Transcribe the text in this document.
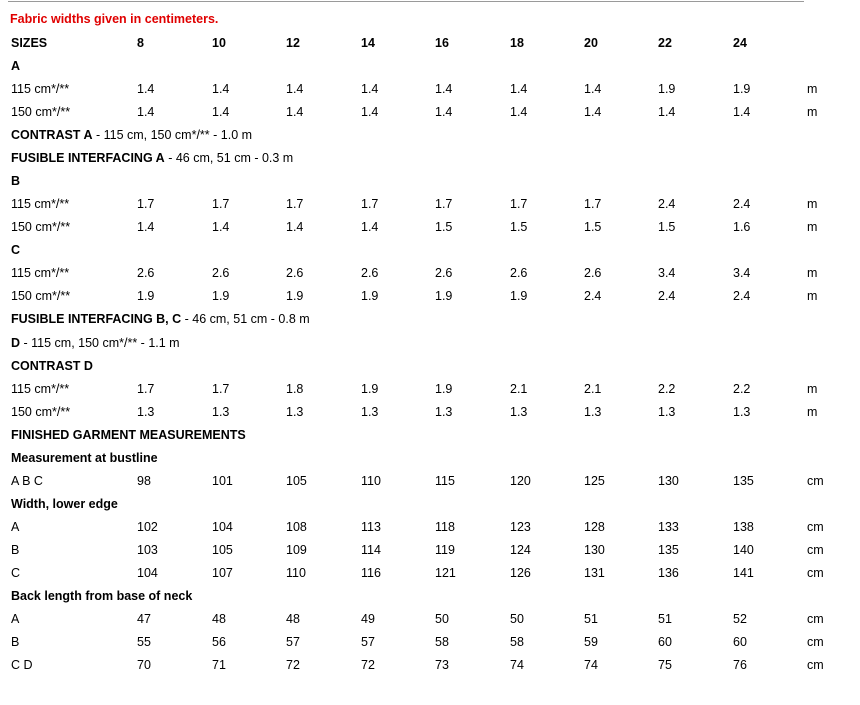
Fabric widths given in centimeters.
SIZES	8	10	12	14	16	18	20	22	24
A
115 cm*/**	1.4	1.4	1.4	1.4	1.4	1.4	1.4	1.9	1.9	m
150 cm*/**	1.4	1.4	1.4	1.4	1.4	1.4	1.4	1.4	1.4	m
CONTRAST A - 115 cm, 150 cm*/** - 1.0 m
FUSIBLE INTERFACING A - 46 cm, 51 cm - 0.3 m
B
115 cm*/**	1.7	1.7	1.7	1.7	1.7	1.7	1.7	2.4	2.4	m
150 cm*/**	1.4	1.4	1.4	1.4	1.5	1.5	1.5	1.5	1.6	m
C
115 cm*/**	2.6	2.6	2.6	2.6	2.6	2.6	2.6	3.4	3.4	m
150 cm*/**	1.9	1.9	1.9	1.9	1.9	1.9	2.4	2.4	2.4	m
FUSIBLE INTERFACING B, C - 46 cm, 51 cm - 0.8 m
D - 115 cm, 150 cm*/** - 1.1 m
CONTRAST D
115 cm*/**	1.7	1.7	1.8	1.9	1.9	2.1	2.1	2.2	2.2	m
150 cm*/**	1.3	1.3	1.3	1.3	1.3	1.3	1.3	1.3	1.3	m
FINISHED GARMENT MEASUREMENTS
Measurement at bustline
A B C	98	101	105	110	115	120	125	130	135	cm
Width, lower edge
A	102	104	108	113	118	123	128	133	138	cm
B	103	105	109	114	119	124	130	135	140	cm
C	104	107	110	116	121	126	131	136	141	cm
Back length from base of neck
A	47	48	48	49	50	50	51	51	52	cm
B	55	56	57	57	58	58	59	60	60	cm
C D	70	71	72	72	73	74	74	75	76	cm
